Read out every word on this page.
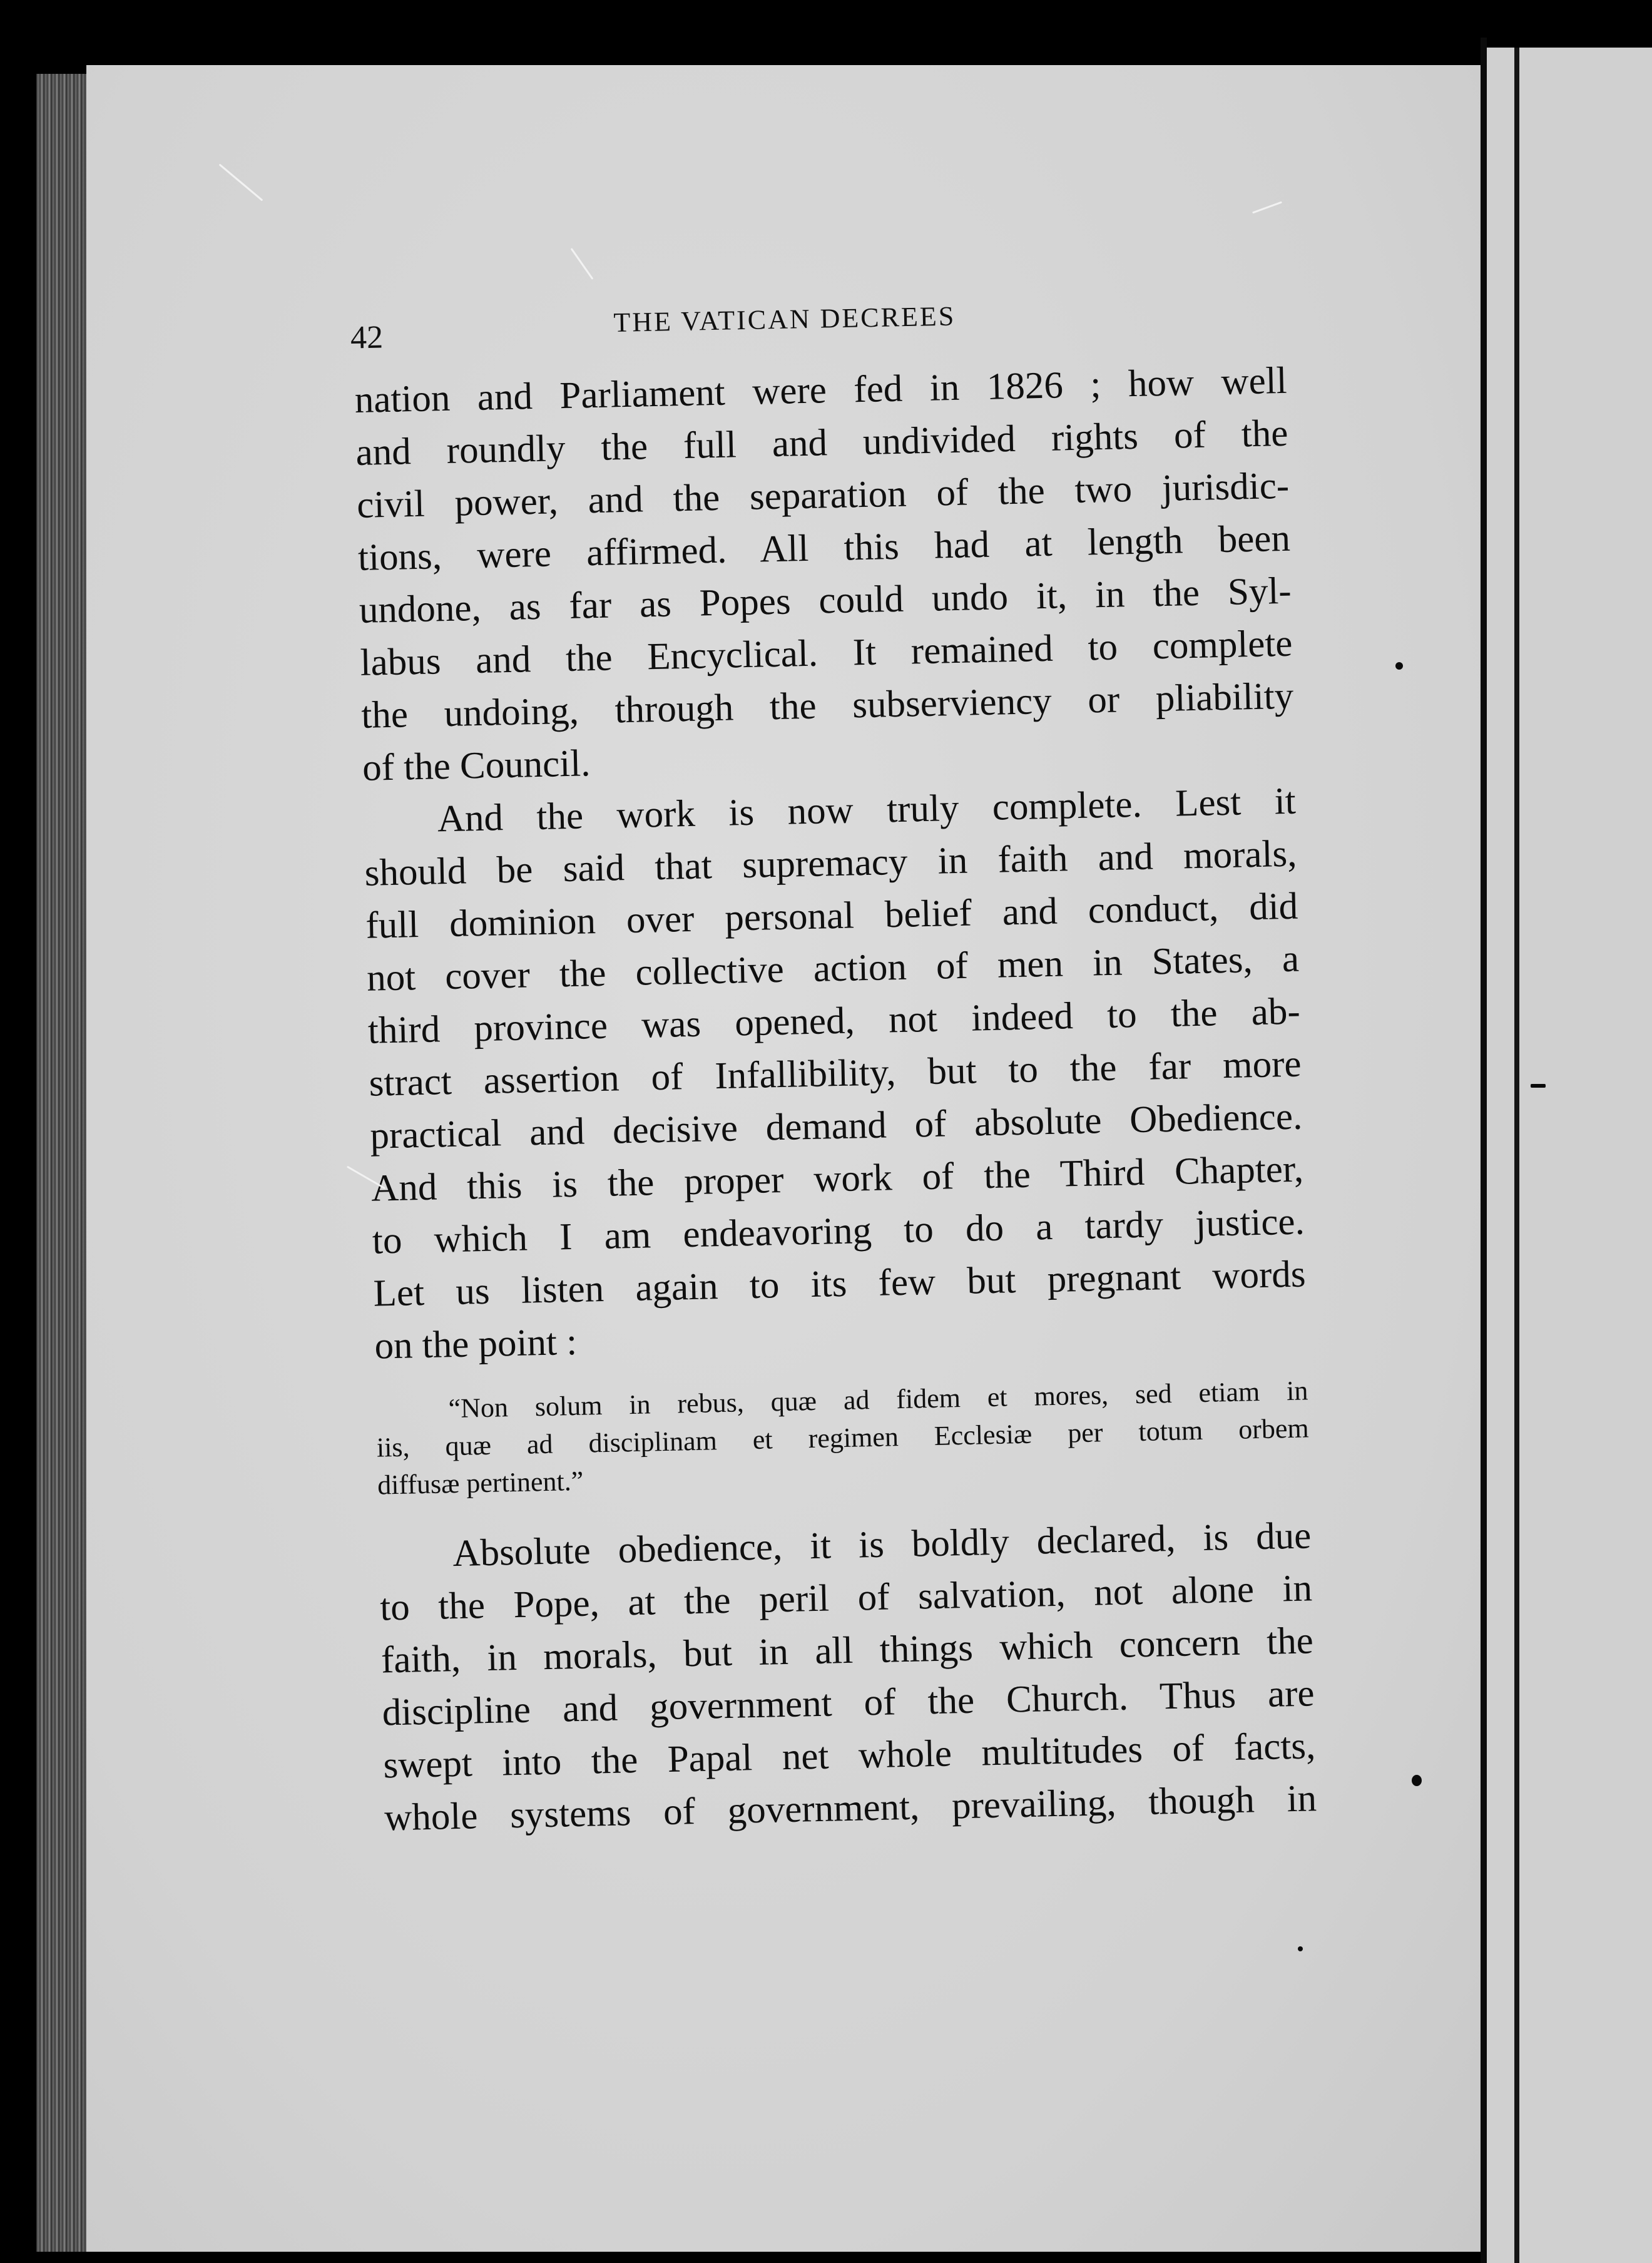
42	THE VATICAN DECREES
nation and Parliament were fed in 1826 ; how well
and roundly the full and undivided rights of the
civil power, and the separation of the two jurisdic-
tions, were affirmed. All this had at length been
undone, as far as Popes could undo it, in the Syl-
labus and the Encyclical. It remained to complete
the undoing, through the subserviency or pliability
of the Council.
And the work is now truly complete. Lest it
should be said that supremacy in faith and morals,
full dominion over personal belief and conduct, did
not cover the collective action of men in States, a
third province was opened, not indeed to the ab-
stract assertion of Infallibility, but to the far more
practical and decisive demand of absolute Obedience.
And this is the proper work of the Third Chapter,
to which I am endeavoring to do a tardy justice.
Let us listen again to its few but pregnant words
on the point :
“Non solum in rebus, quæ ad fidem et mores, sed etiam in
iis, quæ ad disciplinam et regimen Ecclesiæ per totum orbem
diffusæ pertinent.”
Absolute obedience, it is boldly declared, is due
to the Pope, at the peril of salvation, not alone in
faith, in morals, but in all things which concern the
discipline and government of the Church. Thus are
swept into the Papal net whole multitudes of facts,
whole systems of government, prevailing, though in
